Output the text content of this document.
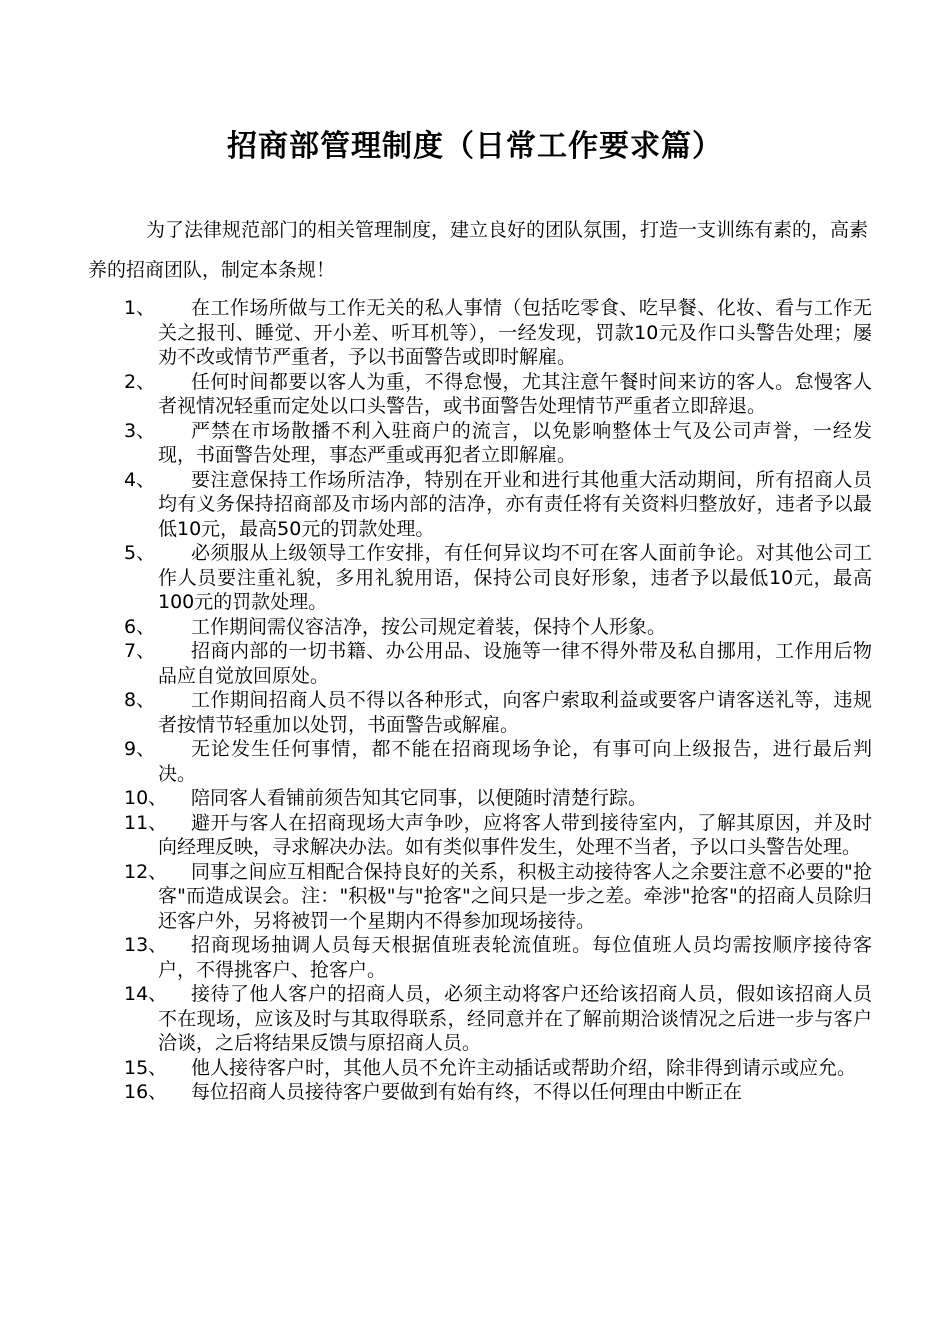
招商部管理制度（日常工作要求篇）
为了法律规范部门的相关管理制度，建立良好的团队氛围，打造一支训练有素的，高素养的招商团队，制定本条规！
1、 在工作场所做与工作无关的私人事情（包括吃零食、吃早餐、化妆、看与工作无关之报刊、睡觉、开小差、听耳机等），一经发现，罚款10元及作口头警告处理；屡劝不改或情节严重者，予以书面警告或即时解雇。
2、 任何时间都要以客人为重，不得怠慢，尤其注意午餐时间来访的客人。怠慢客人者视情况轻重而定处以口头警告，或书面警告处理情节严重者立即辞退。
3、 严禁在市场散播不利入驻商户的流言，以免影响整体士气及公司声誉，一经发现，书面警告处理，事态严重或再犯者立即解雇。
4、 要注意保持工作场所洁净，特别在开业和进行其他重大活动期间，所有招商人员均有义务保持招商部及市场内部的洁净，亦有责任将有关资料归整放好，违者予以最低10元，最高50元的罚款处理。
5、 必须服从上级领导工作安排，有任何异议均不可在客人面前争论。对其他公司工作人员要注重礼貌，多用礼貌用语，保持公司良好形象，违者予以最低10元，最高100元的罚款处理。
6、 工作期间需仪容洁净，按公司规定着装，保持个人形象。
7、 招商内部的一切书籍、办公用品、设施等一律不得外带及私自挪用，工作用后物品应自觉放回原处。
8、 工作期间招商人员不得以各种形式，向客户索取利益或要客户请客送礼等，违规者按情节轻重加以处罚，书面警告或解雇。
9、 无论发生任何事情，都不能在招商现场争论，有事可向上级报告，进行最后判决。
10、 陪同客人看铺前须告知其它同事，以便随时清楚行踪。
11、 避开与客人在招商现场大声争吵，应将客人带到接待室内，了解其原因，并及时向经理反映，寻求解决办法。如有类似事件发生，处理不当者，予以口头警告处理。
12、 同事之间应互相配合保持良好的关系，积极主动接待客人之余要注意不必要的"抢客"而造成误会。注："积极"与"抢客"之间只是一步之差。牵涉"抢客"的招商人员除归还客户外，另将被罚一个星期内不得参加现场接待。
13、 招商现场抽调人员每天根据值班表轮流值班。每位值班人员均需按顺序接待客户，不得挑客户、抢客户。
14、 接待了他人客户的招商人员，必须主动将客户还给该招商人员，假如该招商人员不在现场，应该及时与其取得联系，经同意并在了解前期洽谈情况之后进一步与客户洽谈，之后将结果反馈与原招商人员。
15、 他人接待客户时，其他人员不允许主动插话或帮助介绍，除非得到请示或应允。
16、 每位招商人员接待客户要做到有始有终，不得以任何理由中断正在
